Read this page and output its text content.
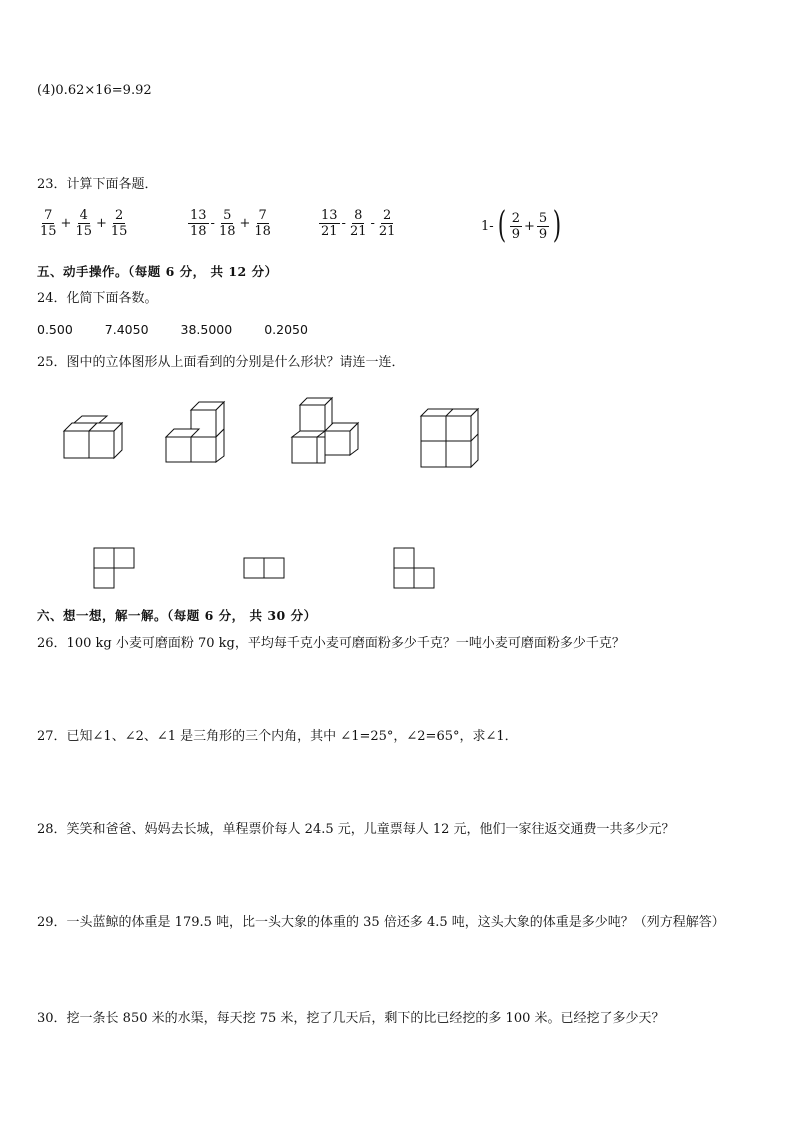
(4)0.62×16=9.92
23．计算下面各题．
$\frac{7}{15} + \frac{4}{15} + \frac{2}{15}$	$\frac{13}{18} - \frac{5}{18} + \frac{7}{18}$	$\frac{13}{21} - \frac{8}{21} - \frac{2}{21}$	1- ( $\frac{2}{9} + \frac{5}{9}$ )
五、动手操作。（每题 6 分， 共 12 分）
24．化简下面各数。
0.500	7.4050	38.5000	0.2050
25．图中的立体图形从上面看到的分别是什么形状？请连一连．
六、想一想，解一解。（每题 6 分， 共 30 分）
26．100 kg 小麦可磨面粉 70 kg，平均每千克小麦可磨面粉多少千克？一吨小麦可磨面粉多少千克？
27．已知∠1、∠2、∠1 是三角形的三个内角，其中 ∠1=25°，∠2=65°，求∠1．
28．笑笑和爸爸、妈妈去长城，单程票价每人 24.5 元，儿童票每人 12 元，他们一家往返交通费一共多少元？
29．一头蓝鲸的体重是 179.5 吨，比一头大象的体重的 35 倍还多 4.5 吨，这头大象的体重是多少吨？（列方程解答）
30．挖一条长 850 米的水渠，每天挖 75 米，挖了几天后，剩下的比已经挖的多 100 米。已经挖了多少天？
